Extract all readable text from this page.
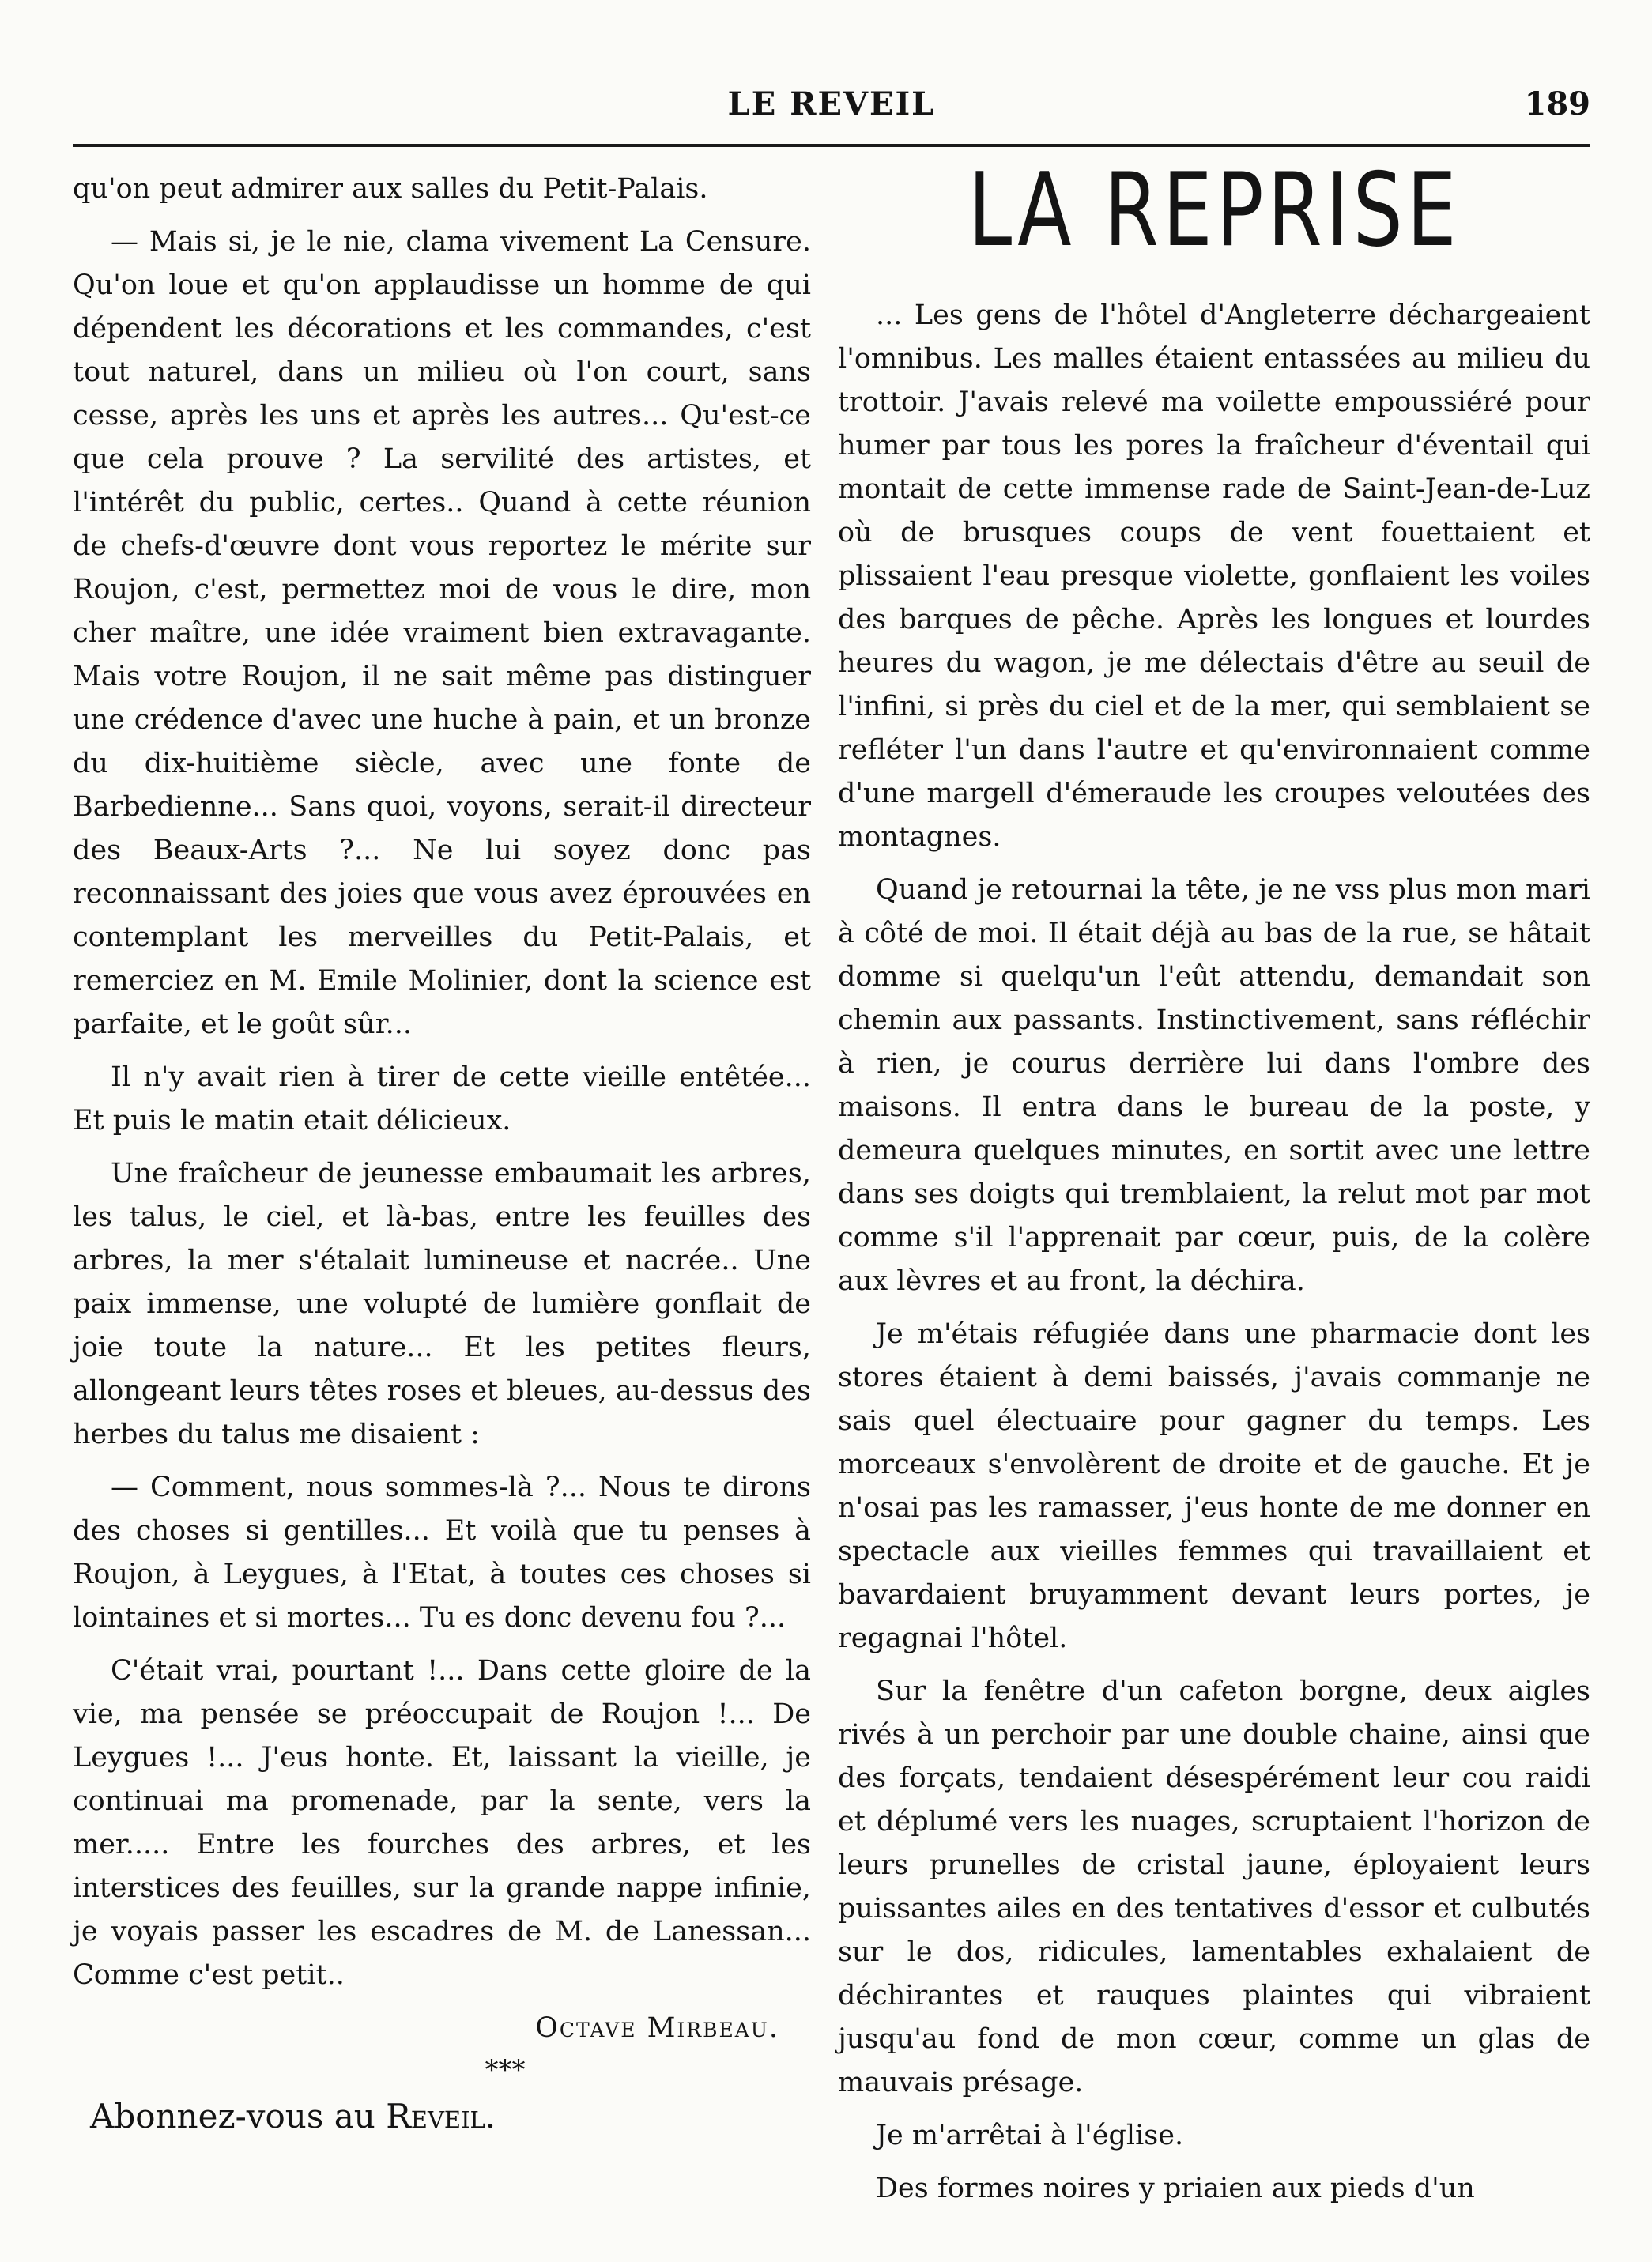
LE REVEIL	189

qu'on peut admirer aux salles du Petit-Palais.

— Mais si, je le nie, clama vivement La Censure. Qu'on loue et qu'on applaudisse un homme de qui dépendent les décorations et les commandes, c'est tout naturel, dans un milieu où l'on court, sans cesse, après les uns et après les autres... Qu'est-ce que cela prouve ? La servilité des artistes, et l'intérêt du public, certes.. Quand à cette réunion de chefs-d'œuvre dont vous reportez le mérite sur Roujon, c'est, permettez moi de vous le dire, mon cher maître, une idée vraiment bien extravagante. Mais votre Roujon, il ne sait même pas distinguer une crédence d'avec une huche à pain, et un bronze du dix-huitième siècle, avec une fonte de Barbedienne... Sans quoi, voyons, serait-il directeur des Beaux-Arts ?... Ne lui soyez donc pas reconnaissant des joies que vous avez éprouvées en contemplant les merveilles du Petit-Palais, et remerciez en M. Emile Molinier, dont la science est parfaite, et le goût sûr...

Il n'y avait rien à tirer de cette vieille entêtée... Et puis le matin etait délicieux.

Une fraîcheur de jeunesse embaumait les arbres, les talus, le ciel, et là-bas, entre les feuilles des arbres, la mer s'étalait lumineuse et nacrée.. Une paix immense, une volupté de lumière gonflait de joie toute la nature... Et les petites fleurs, allongeant leurs têtes roses et bleues, au-dessus des herbes du talus me disaient :

— Comment, nous sommes-là ?... Nous te dirons des choses si gentilles... Et voilà que tu penses à Roujon, à Leygues, à l'Etat, à toutes ces choses si lointaines et si mortes... Tu es donc devenu fou ?...

C'était vrai, pourtant !... Dans cette gloire de la vie, ma pensée se préoccupait de Roujon !... De Leygues !... J'eus honte. Et, laissant la vieille, je continuai ma promenade, par la sente, vers la mer..... Entre les fourches des arbres, et les interstices des feuilles, sur la grande nappe infinie, je voyais passer les escadres de M. de Lanessan... Comme c'est petit..

Octave Mirbeau.
***
Abonnez-vous au Reveil.
LA REPRISE

... Les gens de l'hôtel d'Angleterre déchargeaient l'omnibus. Les malles étaient entassées au milieu du trottoir. J'avais relevé ma voilette empoussiéré pour humer par tous les pores la fraîcheur d'éventail qui montait de cette immense rade de Saint-Jean-de-Luz où de brusques coups de vent fouettaient et plissaient l'eau presque violette, gonflaient les voiles des barques de pêche. Après les longues et lourdes heures du wagon, je me délectais d'être au seuil de l'infini, si près du ciel et de la mer, qui semblaient se refléter l'un dans l'autre et qu'environnaient comme d'une margell d'émeraude les croupes veloutées des montagnes.

Quand je retournai la tête, je ne vss plus mon mari à côté de moi. Il était déjà au bas de la rue, se hâtait domme si quelqu'un l'eût attendu, demandait son chemin aux passants. Instinctivement, sans réfléchir à rien, je courus derrière lui dans l'ombre des maisons. Il entra dans le bureau de la poste, y demeura quelques minutes, en sortit avec une lettre dans ses doigts qui tremblaient, la relut mot par mot comme s'il l'apprenait par cœur, puis, de la colère aux lèvres et au front, la déchira.

Je m'étais réfugiée dans une pharmacie dont les stores étaient à demi baissés, j'avais commanje ne sais quel électuaire pour gagner du temps. Les morceaux s'envolèrent de droite et de gauche. Et je n'osai pas les ramasser, j'eus honte de me donner en spectacle aux vieilles femmes qui travaillaient et bavardaient bruyamment devant leurs portes, je regagnai l'hôtel.

Sur la fenêtre d'un cafeton borgne, deux aigles rivés à un perchoir par une double chaine, ainsi que des forçats, tendaient désespérément leur cou raidi et déplumé vers les nuages, scruptaient l'horizon de leurs prunelles de cristal jaune, éployaient leurs puissantes ailes en des tentatives d'essor et culbutés sur le dos, ridicules, lamentables exhalaient de déchirantes et rauques plaintes qui vibraient jusqu'au fond de mon cœur, comme un glas de mauvais présage.

Je m'arrêtai à l'église.

Des formes noires y priaien aux pieds d'un
